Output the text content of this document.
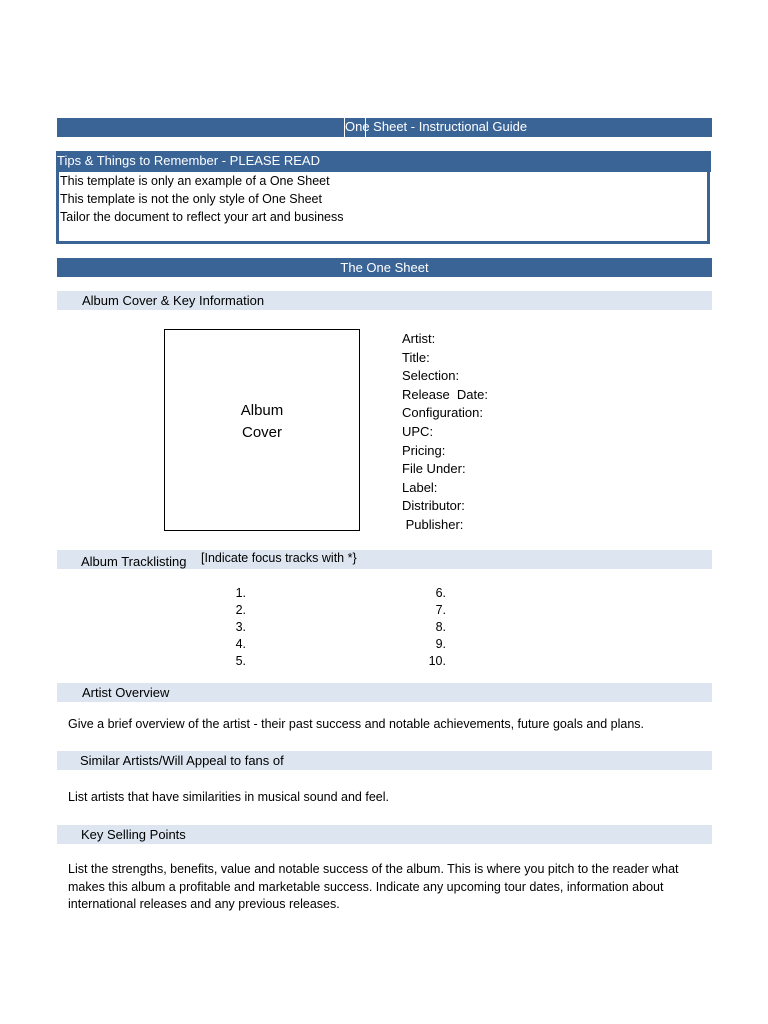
One Sheet - Instructional Guide
Tips & Things to Remember - PLEASE READ
This template is only an example of a One Sheet
This template is not the only style of One Sheet
Tailor the document to reflect your art and business
The One Sheet
Album Cover & Key Information
Album
Cover
Artist:
Title:
Selection:
Release  Date:
Configuration:
UPC:
Pricing:
File Under:
Label:
Distributor:
Publisher:
Album Tracklisting [Indicate focus tracks with *}
1.
2.
3.
4.
5.
6.
7.
8.
9.
10.
Artist Overview
Give a brief overview of the artist - their past success and notable achievements, future goals and plans.
Similar Artists/Will Appeal to fans of
List artists that have similarities in musical sound and feel.
Key Selling Points
List the strengths, benefits, value and notable success of the album. This is where you pitch to the reader what
makes this album a profitable and marketable success. Indicate any upcoming tour dates, information about
international releases and any previous releases.
